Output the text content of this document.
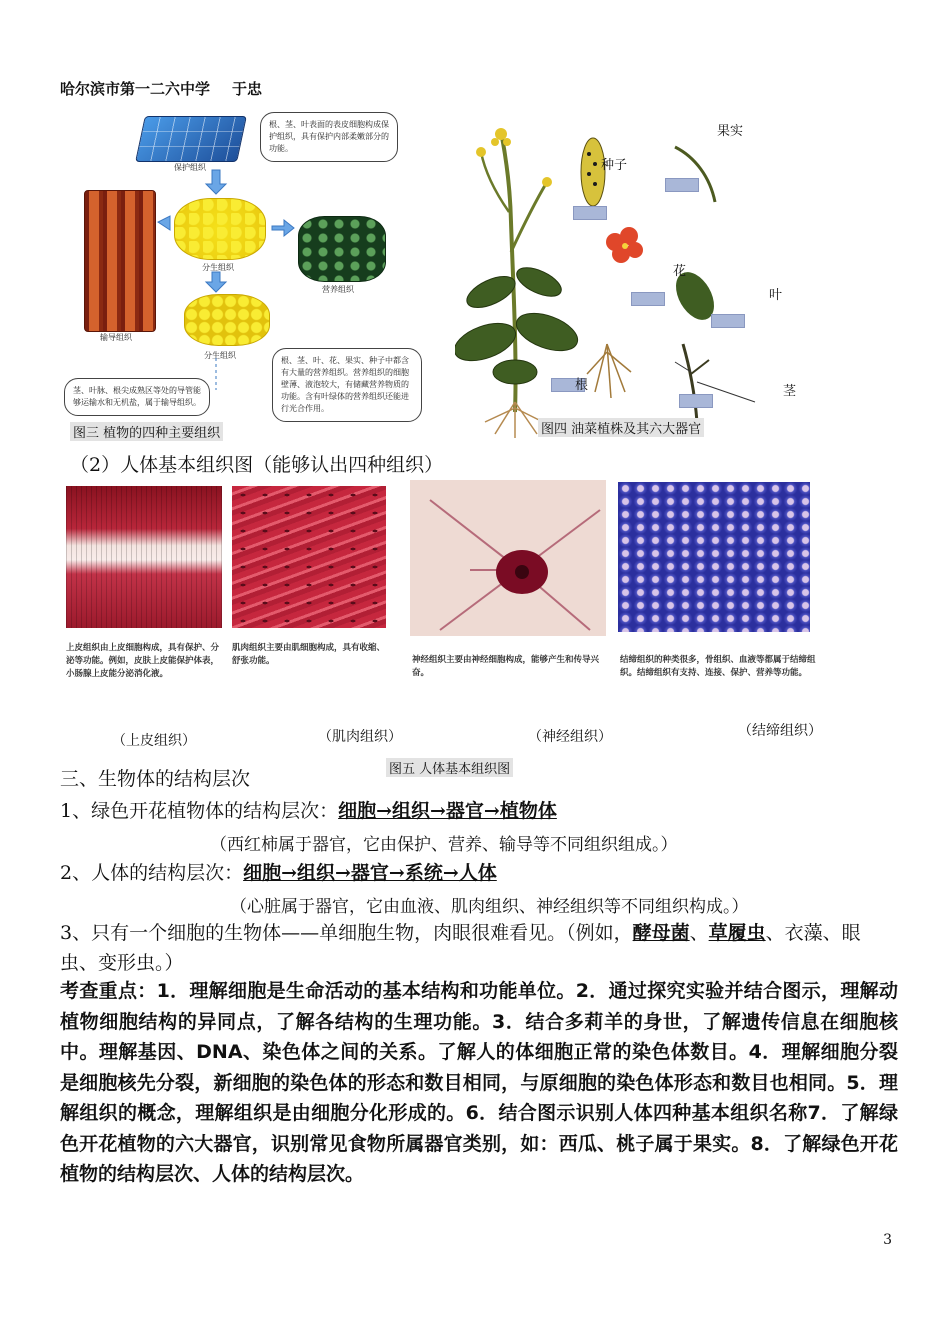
哈尔滨市第一二六中学 于忠
保护组织
根、茎、叶表面的表皮细胞构成保护组织，具有保护内部柔嫩部分的功能。
输导组织
分生组织
营养组织
分生组织
茎、叶脉、根尖成熟区等处的导管能够运输水和无机盐，属于输导组织。
根、茎、叶、花、果实、种子中都含有大量的营养组织。营养组织的细胞壁薄、液泡较大，有储藏营养物质的功能。含有叶绿体的营养组织还能进行光合作用。
图三 植物的四种主要组织
果实
种子
花
叶
根	茎
图四 油菜植株及其六大器官
（2）人体基本组织图（能够认出四种组织）
上皮组织由上皮细胞构成，具有保护、分泌等功能。例如，皮肤上皮能保护体表，小肠腺上皮能分泌消化液。
肌肉组织主要由肌细胞构成，具有收缩、舒张功能。	神经组织主要由神经细胞构成，能够产生和传导兴奋。
结缔组织的种类很多，骨组织、血液等都属于结缔组织。结缔组织有支持、连接、保护、营养等功能。
（上皮组织）	（肌肉组织）	（神经组织）	（结缔组织）
图五 人体基本组织图
三、生物体的结构层次
1、绿色开花植物体的结构层次：细胞→组织→器官→植物体
（西红柿属于器官，它由保护、营养、输导等不同组织组成。）
2、人体的结构层次：细胞→组织→器官→系统→人体
（心脏属于器官，它由血液、肌肉组织、神经组织等不同组织构成。）
3、只有一个细胞的生物体——单细胞生物，肉眼很难看见。（例如，酵母菌、草履虫、衣藻、眼虫、变形虫。）
考查重点：1．理解细胞是生命活动的基本结构和功能单位。2．通过探究实验并结合图示，理解动植物细胞结构的异同点，了解各结构的生理功能。3．结合多莉羊的身世，了解遗传信息在细胞核中。理解基因、DNA、染色体之间的关系。了解人的体细胞正常的染色体数目。4．理解细胞分裂是细胞核先分裂，新细胞的染色体的形态和数目相同，与原细胞的染色体形态和数目也相同。5．理解组织的概念，理解组织是由细胞分化形成的。6．结合图示识别人体四种基本组织名称7．了解绿色开花植物的六大器官，识别常见食物所属器官类别，如：西瓜、桃子属于果实。8．了解绿色开花植物的结构层次、人体的结构层次。
3
